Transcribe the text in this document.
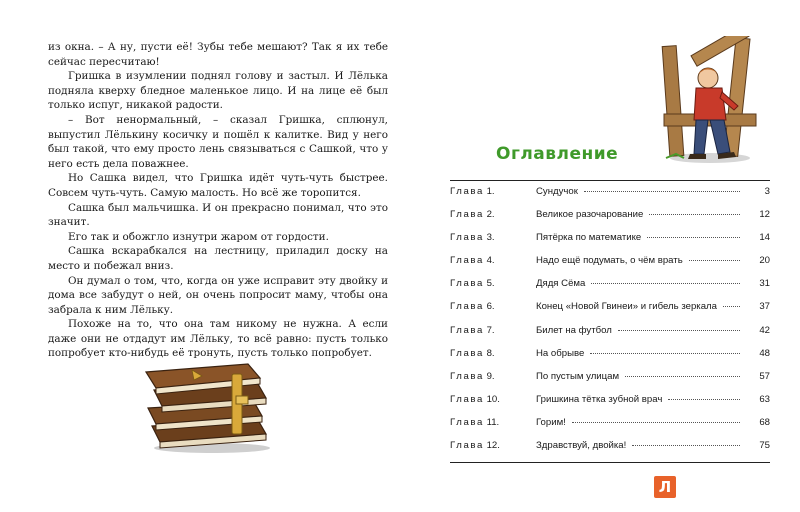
из окна. – А ну, пусти её! Зубы тебе мешают? Так я их тебе сейчас пересчитаю!

Гришка в изумлении поднял голову и застыл. И Лёлька подняла кверху бледное маленькое лицо. И на лице её был только испуг, никакой радости.

– Вот ненормальный, – сказал Гришка, сплюнул, выпустил Лёлькину косичку и пошёл к калитке. Вид у него был такой, что ему просто лень связываться с Сашкой, что у него есть дела поважнее.

Но Сашка видел, что Гришка идёт чуть-чуть быстрее. Совсем чуть-чуть. Самую малость. Но всё же торопится.

Сашка был мальчишка. И он прекрасно понимал, что это значит.

Его так и обожгло изнутри жаром от гордости.

Сашка вскарабкался на лестницу, приладил доску на место и побежал вниз.

Он думал о том, что, когда он уже исправит эту двойку и дома все забудут о ней, он очень попросит маму, чтобы она забрала к ним Лёльку.

Похоже на то, что она там никому не нужна. А если даже они не отдадут им Лёльку, то всё равно: пусть только попробует кто-нибудь её тронуть, пусть только попробует.

Оглавление
Глава 1.	Сундучок	3
Глава 2.	Великое разочарование	12
Глава 3.	Пятёрка по математике	14
Глава 4.	Надо ещё подумать, о чём врать	20
Глава 5.	Дядя Сёма	31
Глава 6.	Конец «Новой Гвинеи» и гибель зеркала	37
Глава 7.	Билет на футбол	42
Глава 8.	На обрыве	48
Глава 9.	По пустым улицам	57
Глава 10.	Гришкина тётка зубной врач	63
Глава 11.	Горим!	68
Глава 12.	Здравствуй, двойка!	75
Л
